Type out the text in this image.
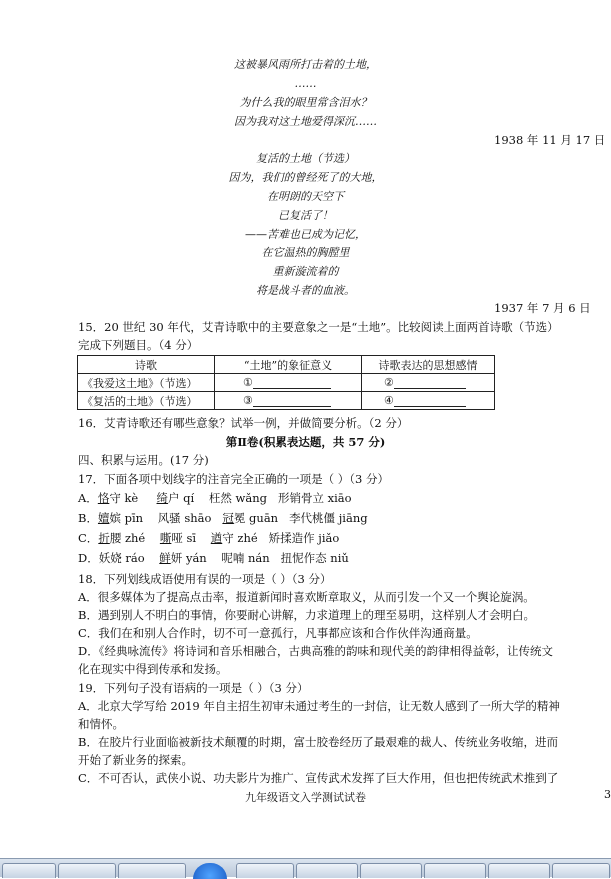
这被暴风雨所打击着的土地，
……
为什么我的眼里常含泪水？
因为我对这土地爱得深沉……
1938 年 11 月 17 日
复活的土地（节选）
因为，我们的曾经死了的大地，
在明朗的天空下
已复活了！
——苦难也已成为记忆，
在它温热的胸膛里
重新漩流着的
将是战斗者的血液。
1937 年 7 月 6 日
15．20 世纪 30 年代，艾青诗歌中的主要意象之一是“土地”。比较阅读上面两首诗歌（节选）
完成下列题目。（4 分）
诗歌	“土地”的象征意义	诗歌表达的思想感情
《我爱这土地》（节选）	①	②
《复活的土地》（节选）	③	④
16．艾青诗歌还有哪些意象？试举一例，并做简要分析。（2 分）
第Ⅱ卷(积累表达题，共 57 分)
四、积累与运用。(17 分)
17．下面各项中划线字的注音完全正确的一项是（ ）（3 分）
A．恪守 kè 绮户 qí 枉然 wǎng 形销骨立 xiāo
B．嬗嫔 pīn 风骚 shāo 冠冕 guān 李代桃僵 jiāng
C．折腰 zhé 嘶哑 sī 遒守 zhé 矫揉造作 jiǎo
D．妖娆 ráo 鲜妍 yán 呢喃 nán 扭怩作态 niǔ
18．下列划线成语使用有误的一项是（ ）（3 分）
A．很多媒体为了提高点击率，报道新闻时喜欢断章取义，从而引发一个又一个舆论旋涡。
B．遇到别人不明白的事情，你要耐心讲解，力求道理上的理至易明，这样别人才会明白。
C．我们在和别人合作时，切不可一意孤行，凡事都应该和合作伙伴沟通商量。
D．《经典咏流传》将诗词和音乐相融合，古典高雅的韵味和现代美的韵律相得益彰，让传统文
化在现实中得到传承和发扬。
19．下列句子没有语病的一项是（ ）（3 分）
A．北京大学写给 2019 年自主招生初审未通过考生的一封信，让无数人感到了一所大学的精神
和情怀。
B．在胶片行业面临被新技术颠覆的时期，富士胶卷经历了最艰难的裁人、传统业务收缩，进而
开始了新业务的探索。
C．不可否认，武侠小说、功夫影片为推广、宣传武术发挥了巨大作用，但也把传统武术推到了
九年级语文入学测试试卷	3
